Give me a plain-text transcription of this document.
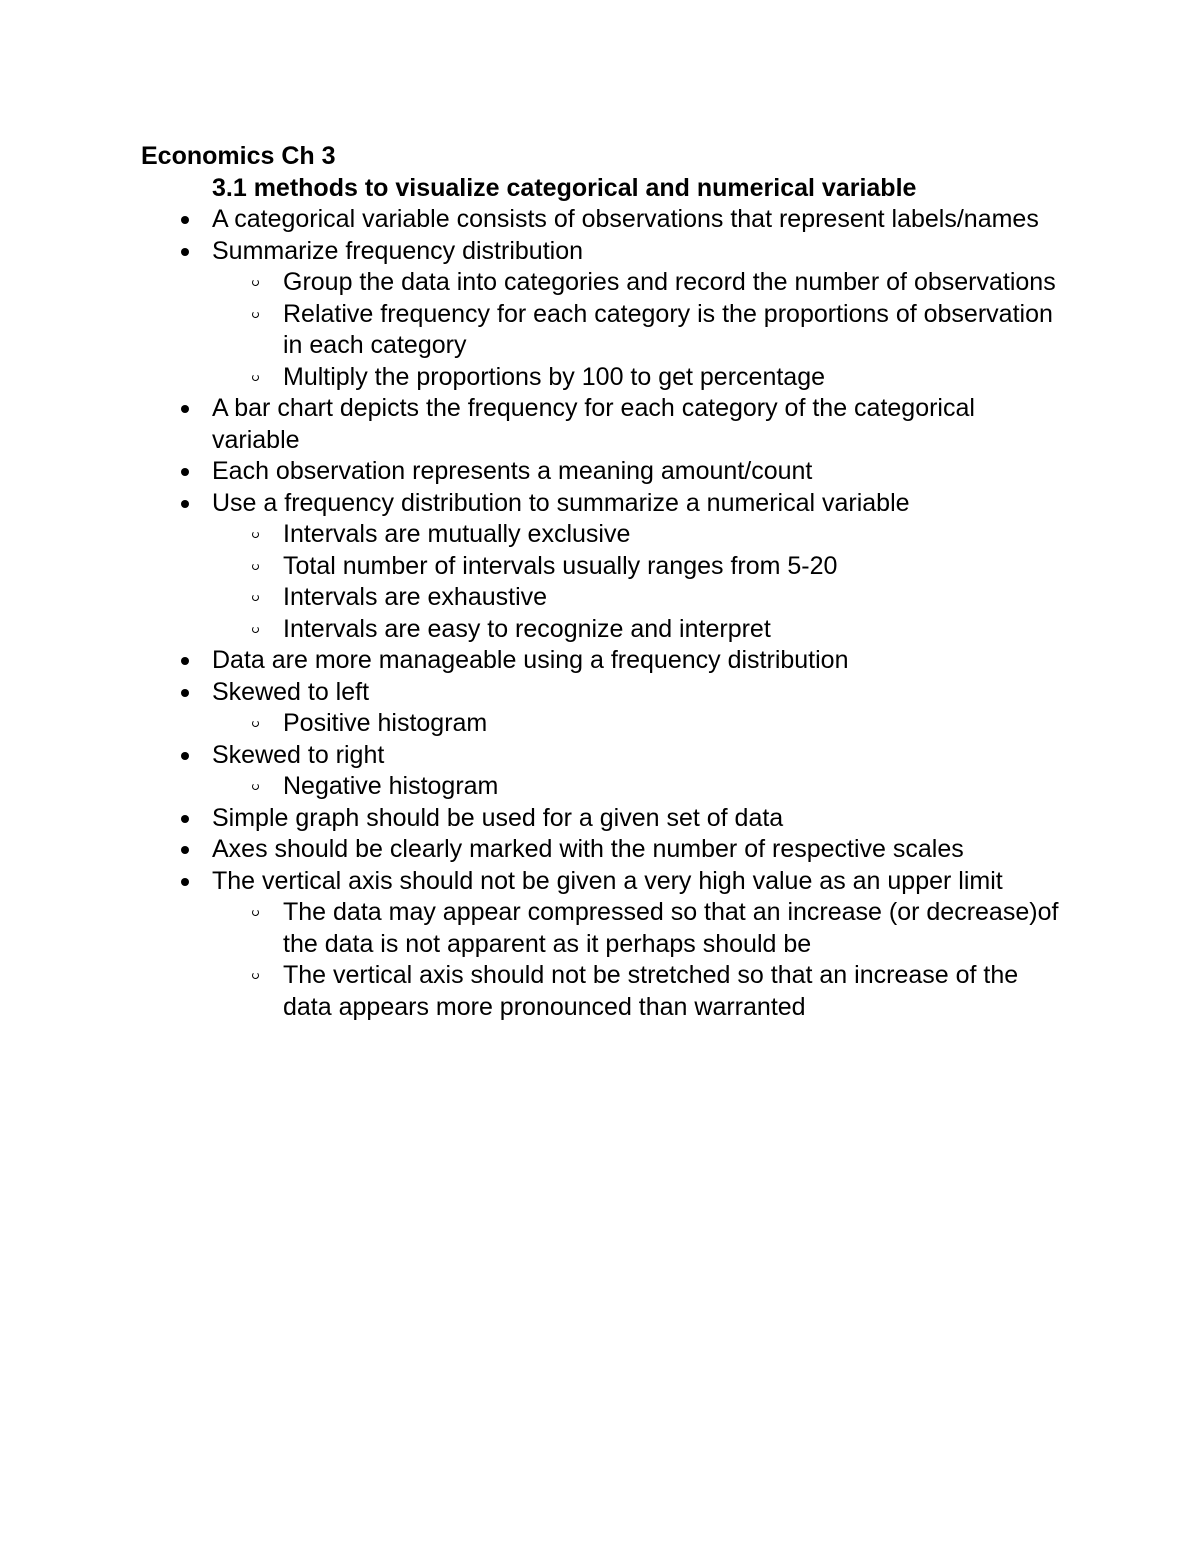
Economics Ch 3
3.1 methods to visualize categorical and numerical variable
A categorical variable consists of observations that represent labels/names
Summarize frequency distribution
Group the data into categories and record the number of observations
Relative frequency for each category is the proportions of observation in each category
Multiply the proportions by 100 to get percentage
A bar chart depicts the frequency for each category of the categorical variable
Each observation represents a meaning amount/count
Use a frequency distribution to summarize a numerical variable
Intervals are mutually exclusive
Total number of intervals usually ranges from 5-20
Intervals are exhaustive
Intervals are easy to recognize and interpret
Data are more manageable using a frequency distribution
Skewed to left
Positive histogram
Skewed to right
Negative histogram
Simple graph should be used for a given set of data
Axes should be clearly marked with the number of respective scales
The vertical axis should not be given a very high value as an upper limit
The data may appear compressed so that an increase (or decrease)of the data is not apparent as it perhaps should be
The vertical axis should not be stretched so that an increase of the data appears more pronounced than warranted
